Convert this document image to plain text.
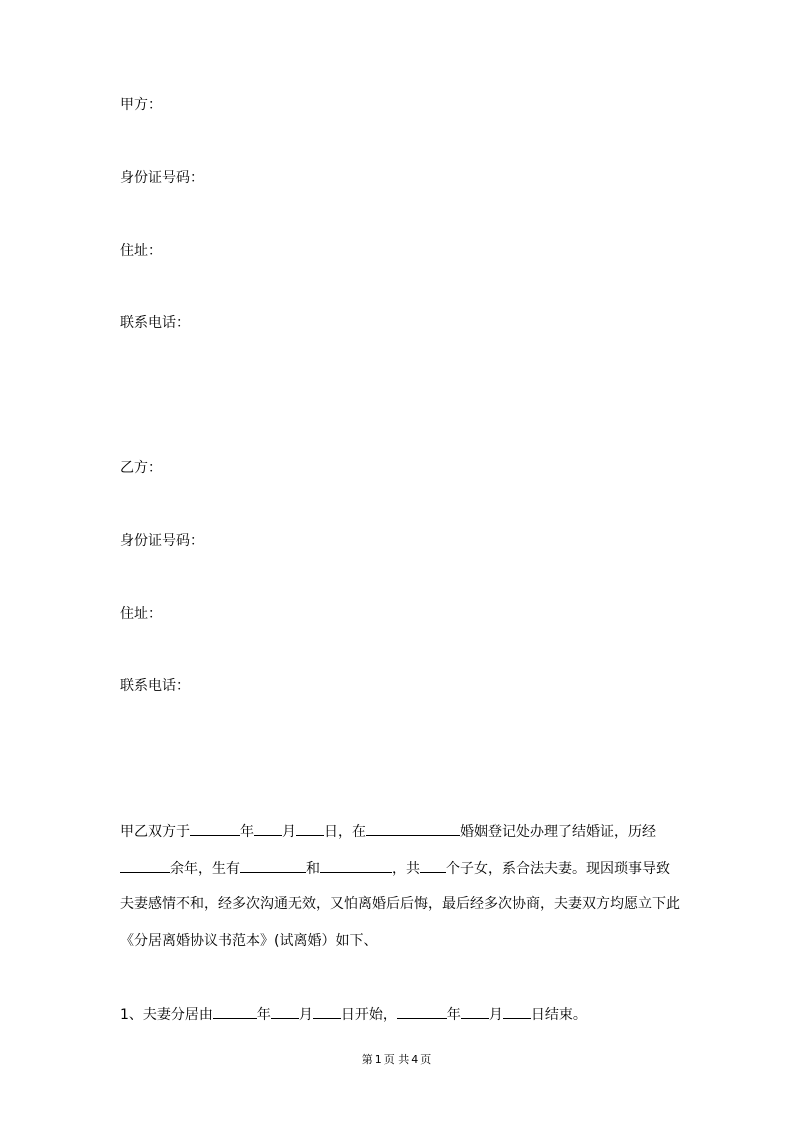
甲方：
身份证号码：
住址：
联系电话：
乙方：
身份证号码：
住址：
联系电话：
甲乙双方于	年 月 日，在	婚姻登记处办理了结婚证，历经
余年，生有	和	，共 个子女，系合法夫妻。现因琐事导致
夫妻感情不和，经多次沟通无效，又怕离婚后后悔，最后经多次协商，夫妻双方均愿立下此
《分居离婚协议书范本》(试离婚）如下、
1、夫妻分居由	年 月 日开始，	年 月 日结束。
第 1 页 共 4 页
